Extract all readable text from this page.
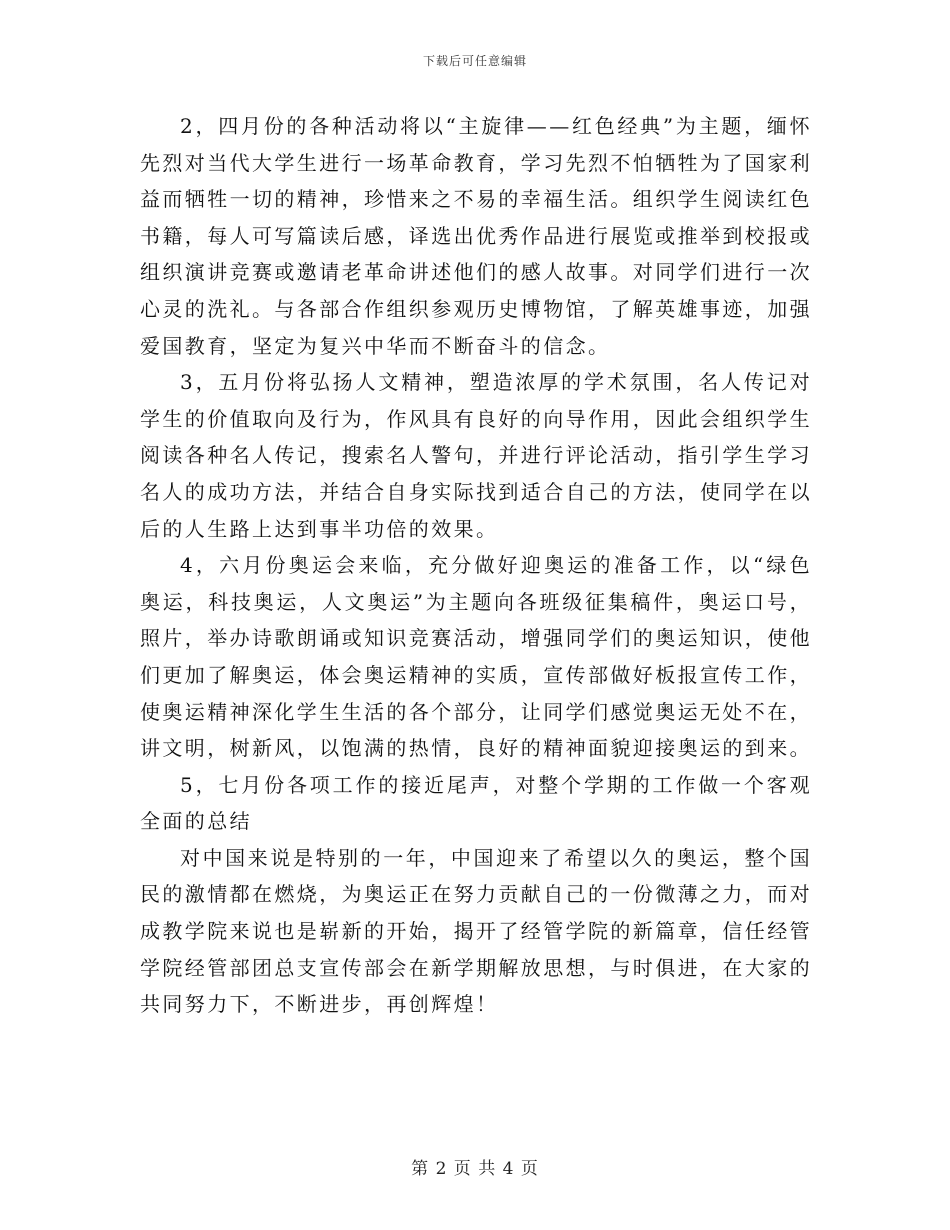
下载后可任意编辑

2，四月份的各种活动将以“主旋律——红色经典”为主题，缅怀先烈对当代大学生进行一场革命教育，学习先烈不怕牺牲为了国家利益而牺牲一切的精神，珍惜来之不易的幸福生活。组织学生阅读红色书籍，每人可写篇读后感，译选出优秀作品进行展览或推举到校报或组织演讲竞赛或邀请老革命讲述他们的感人故事。对同学们进行一次心灵的洗礼。与各部合作组织参观历史博物馆，了解英雄事迹，加强爱国教育，坚定为复兴中华而不断奋斗的信念。

3，五月份将弘扬人文精神，塑造浓厚的学术氛围，名人传记对学生的价值取向及行为，作风具有良好的向导作用，因此会组织学生阅读各种名人传记，搜索名人警句，并进行评论活动，指引学生学习名人的成功方法，并结合自身实际找到适合自己的方法，使同学在以后的人生路上达到事半功倍的效果。

4，六月份奥运会来临，充分做好迎奥运的准备工作，以“绿色奥运，科技奥运，人文奥运”为主题向各班级征集稿件，奥运口号，照片，举办诗歌朗诵或知识竞赛活动，增强同学们的奥运知识，使他们更加了解奥运，体会奥运精神的实质，宣传部做好板报宣传工作，使奥运精神深化学生生活的各个部分，让同学们感觉奥运无处不在，讲文明，树新风，以饱满的热情，良好的精神面貌迎接奥运的到来。

5，七月份各项工作的接近尾声，对整个学期的工作做一个客观全面的总结

对中国来说是特别的一年，中国迎来了希望以久的奥运，整个国民的激情都在燃烧，为奥运正在努力贡献自己的一份微薄之力，而对成教学院来说也是崭新的开始，揭开了经管学院的新篇章，信任经管学院经管部团总支宣传部会在新学期解放思想，与时俱进，在大家的共同努力下，不断进步，再创辉煌！

第 2 页 共 4 页
